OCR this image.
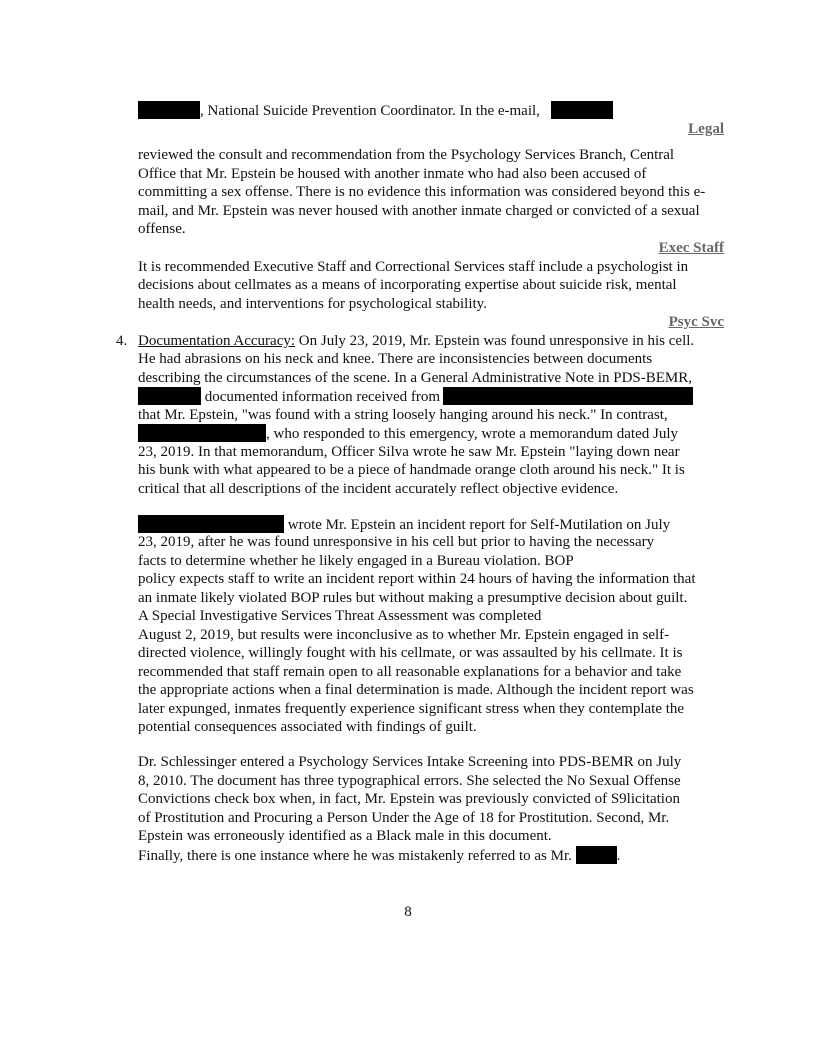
, National Suicide Prevention Coordinator. In the e-mail,
Legal
reviewed the consult and recommendation from the Psychology Services Branch, Central
Office that Mr. Epstein be housed with another inmate who had also been accused of
committing a sex offense. There is no evidence this information was considered beyond this e-
mail, and Mr. Epstein was never housed with another inmate charged or convicted of a sexual
offense.
Exec Staff
It is recommended Executive Staff and Correctional Services staff include a psychologist in
decisions about cellmates as a means of incorporating expertise about suicide risk, mental
health needs, and interventions for psychological stability.
Psyc Svc
4. Documentation Accuracy: On July 23, 2019, Mr. Epstein was found unresponsive in his cell.
He had abrasions on his neck and knee. There are inconsistencies between documents
describing the circumstances of the scene. In a General Administrative Note in PDS-BEMR,
documented information received from
that Mr. Epstein, "was found with a string loosely hanging around his neck." In contrast,
, who responded to this emergency, wrote a memorandum dated July
23, 2019. In that memorandum, Officer Silva wrote he saw Mr. Epstein "laying down near
his bunk with what appeared to be a piece of handmade orange cloth around his neck." It is
critical that all descriptions of the incident accurately reflect objective evidence.
wrote Mr. Epstein an incident report for Self-Mutilation on July
23, 2019, after he was found unresponsive in his cell but prior to having the necessary
facts to determine whether he likely engaged in a Bureau violation. BOP
policy expects staff to write an incident report within 24 hours of having the information that
an inmate likely violated BOP rules but without making a presumptive decision about guilt.
A Special Investigative Services Threat Assessment was completed
August 2, 2019, but results were inconclusive as to whether Mr. Epstein engaged in self-
directed violence, willingly fought with his cellmate, or was assaulted by his cellmate. It is
recommended that staff remain open to all reasonable explanations for a behavior and take
the appropriate actions when a final determination is made. Although the incident report was
later expunged, inmates frequently experience significant stress when they contemplate the
potential consequences associated with findings of guilt.
Dr. Schlessinger entered a Psychology Services Intake Screening into PDS-BEMR on July
8, 2010. The document has three typographical errors. She selected the No Sexual Offense
Convictions check box when, in fact, Mr. Epstein was previously convicted of S9licitation
of Prostitution and Procuring a Person Under the Age of 18 for Prostitution. Second, Mr.
Epstein was erroneously identified as a Black male in this document.
Finally, there is one instance where he was mistakenly referred to as Mr.	.
8
